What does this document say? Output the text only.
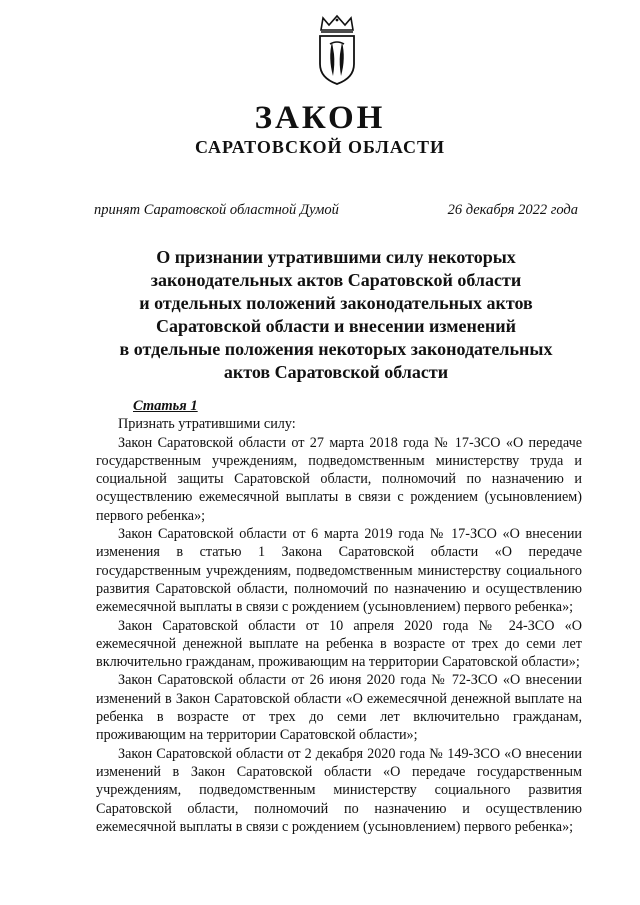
ЗАКОН
САРАТОВСКОЙ ОБЛАСТИ
принят Саратовской областной Думой	26 декабря 2022 года
О признании утратившими силу некоторых
законодательных актов Саратовской области
и отдельных положений законодательных актов
Саратовской области и внесении изменений
в отдельные положения некоторых законодательных
актов Саратовской области
Статья 1
Признать утратившими силу:

Закон Саратовской области от 27 марта 2018 года № 17-ЗСО «О передаче государственным учреждениям, подведомственным министерству труда и социальной защиты Саратовской области, полномочий по назначению и осуществлению ежемесячной выплаты в связи с рождением (усыновлением) первого ребенка»;

Закон Саратовской области от 6 марта 2019 года № 17-ЗСО «О внесении изменения в статью 1 Закона Саратовской области «О передаче государственным учреждениям, подведомственным министерству социального развития Саратовской области, полномочий по назначению и осуществлению ежемесячной выплаты в связи с рождением (усыновлением) первого ребенка»;

Закон Саратовской области от 10 апреля 2020 года № 24-ЗСО «О ежемесячной денежной выплате на ребенка в возрасте от трех до семи лет включительно гражданам, проживающим на территории Саратовской области»;

Закон Саратовской области от 26 июня 2020 года № 72-ЗСО «О внесении изменений в Закон Саратовской области «О ежемесячной денежной выплате на ребенка в возрасте от трех до семи лет включительно гражданам, проживающим на территории Саратовской области»;

Закон Саратовской области от 2 декабря 2020 года № 149-ЗСО «О внесении изменений в Закон Саратовской области «О передаче государственным учреждениям, подведомственным министерству социального развития Саратовской области, полномочий по назначению и осуществлению ежемесячной выплаты в связи с рождением (усыновлением) первого ребенка»;
